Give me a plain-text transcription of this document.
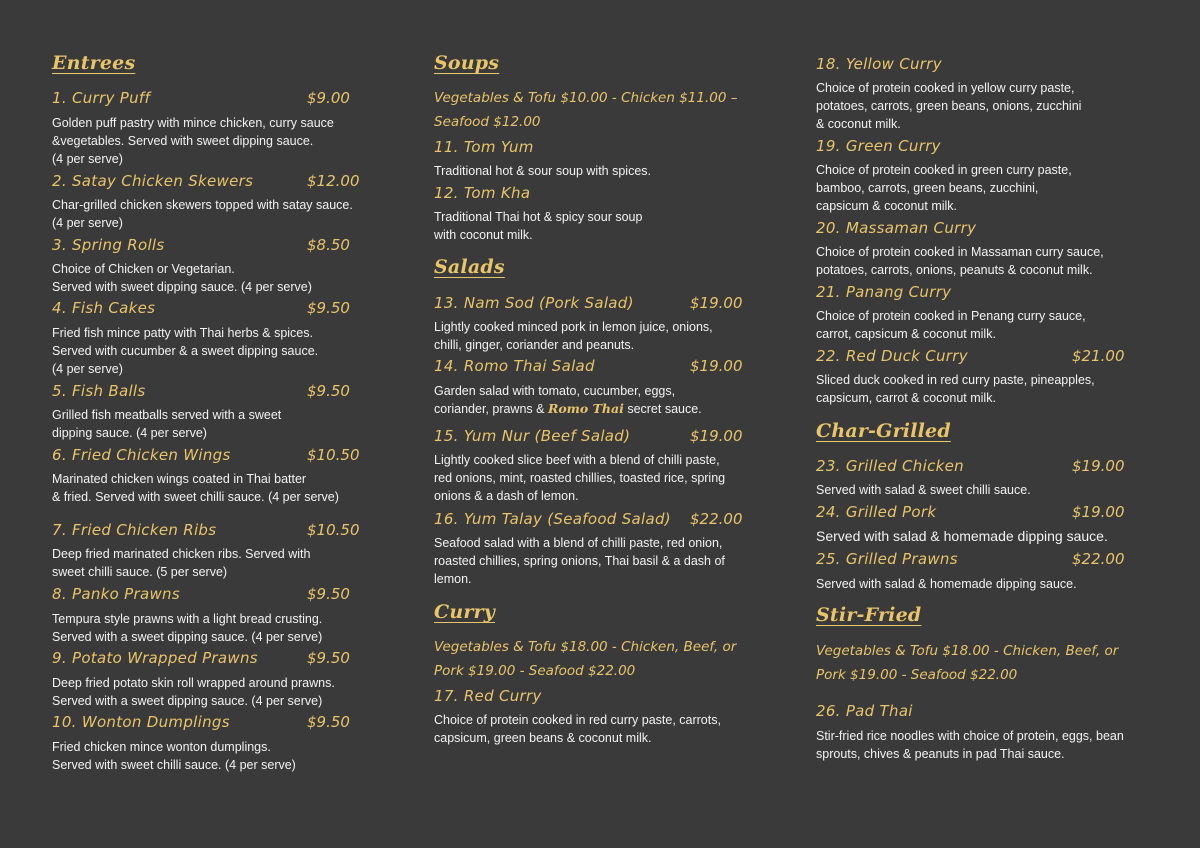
Entrees
1. Curry Puff	$9.00
Golden puff pastry with mince chicken, curry sauce
&vegetables. Served with sweet dipping sauce.
(4 per serve)
2. Satay Chicken Skewers	$12.00
Char-grilled chicken skewers topped with satay sauce.
(4 per serve)
3. Spring Rolls	$8.50
Choice of Chicken or Vegetarian.
Served with sweet dipping sauce. (4 per serve)
4. Fish Cakes	$9.50
Fried fish mince patty with Thai herbs & spices.
Served with cucumber & a sweet dipping sauce.
(4 per serve)
5. Fish Balls	$9.50
Grilled fish meatballs served with a sweet
dipping sauce. (4 per serve)
6. Fried Chicken Wings	$10.50
Marinated chicken wings coated in Thai batter
& fried. Served with sweet chilli sauce. (4 per serve)
7. Fried Chicken Ribs	$10.50
Deep fried marinated chicken ribs. Served with
sweet chilli sauce. (5 per serve)
8. Panko Prawns	$9.50
Tempura style prawns with a light bread crusting.
Served with a sweet dipping sauce. (4 per serve)
9. Potato Wrapped Prawns	$9.50
Deep fried potato skin roll wrapped around prawns.
Served with a sweet dipping sauce. (4 per serve)
10. Wonton Dumplings	$9.50
Fried chicken mince wonton dumplings.
Served with sweet chilli sauce. (4 per serve)
Soups
Vegetables & Tofu $10.00 - Chicken $11.00 –
Seafood $12.00
11. Tom Yum
Traditional hot & sour soup with spices.
12. Tom Kha
Traditional Thai hot & spicy sour soup
with coconut milk.
Salads
13. Nam Sod (Pork Salad)	$19.00
Lightly cooked minced pork in lemon juice, onions,
chilli, ginger, coriander and peanuts.
14. Romo Thai Salad	$19.00
Garden salad with tomato, cucumber, eggs,
coriander, prawns & Romo Thai secret sauce.
15. Yum Nur (Beef Salad)	$19.00
Lightly cooked slice beef with a blend of chilli paste,
red onions, mint, roasted chillies, toasted rice, spring
onions & a dash of lemon.
16. Yum Talay (Seafood Salad) $22.00
Seafood salad with a blend of chilli paste, red onion,
roasted chillies, spring onions, Thai basil & a dash of
lemon.
Curry
Vegetables & Tofu $18.00 - Chicken, Beef, or
Pork $19.00 - Seafood $22.00
17. Red Curry
Choice of protein cooked in red curry paste, carrots,
capsicum, green beans & coconut milk.
18. Yellow Curry
Choice of protein cooked in yellow curry paste,
potatoes, carrots, green beans, onions, zucchini
& coconut milk.
19. Green Curry
Choice of protein cooked in green curry paste,
bamboo, carrots, green beans, zucchini,
capsicum & coconut milk.
20. Massaman Curry
Choice of protein cooked in Massaman curry sauce,
potatoes, carrots, onions, peanuts & coconut milk.
21. Panang Curry
Choice of protein cooked in Penang curry sauce,
carrot, capsicum & coconut milk.
22. Red Duck Curry	$21.00
Sliced duck cooked in red curry paste, pineapples,
capsicum, carrot & coconut milk.
Char-Grilled
23. Grilled Chicken	$19.00
Served with salad & sweet chilli sauce.
24. Grilled Pork	$19.00
Served with salad & homemade dipping sauce.
25. Grilled Prawns	$22.00
Served with salad & homemade dipping sauce.
Stir-Fried
Vegetables & Tofu $18.00 - Chicken, Beef, or
Pork $19.00 - Seafood $22.00
26. Pad Thai
Stir-fried rice noodles with choice of protein, eggs, bean
sprouts, chives & peanuts in pad Thai sauce.
